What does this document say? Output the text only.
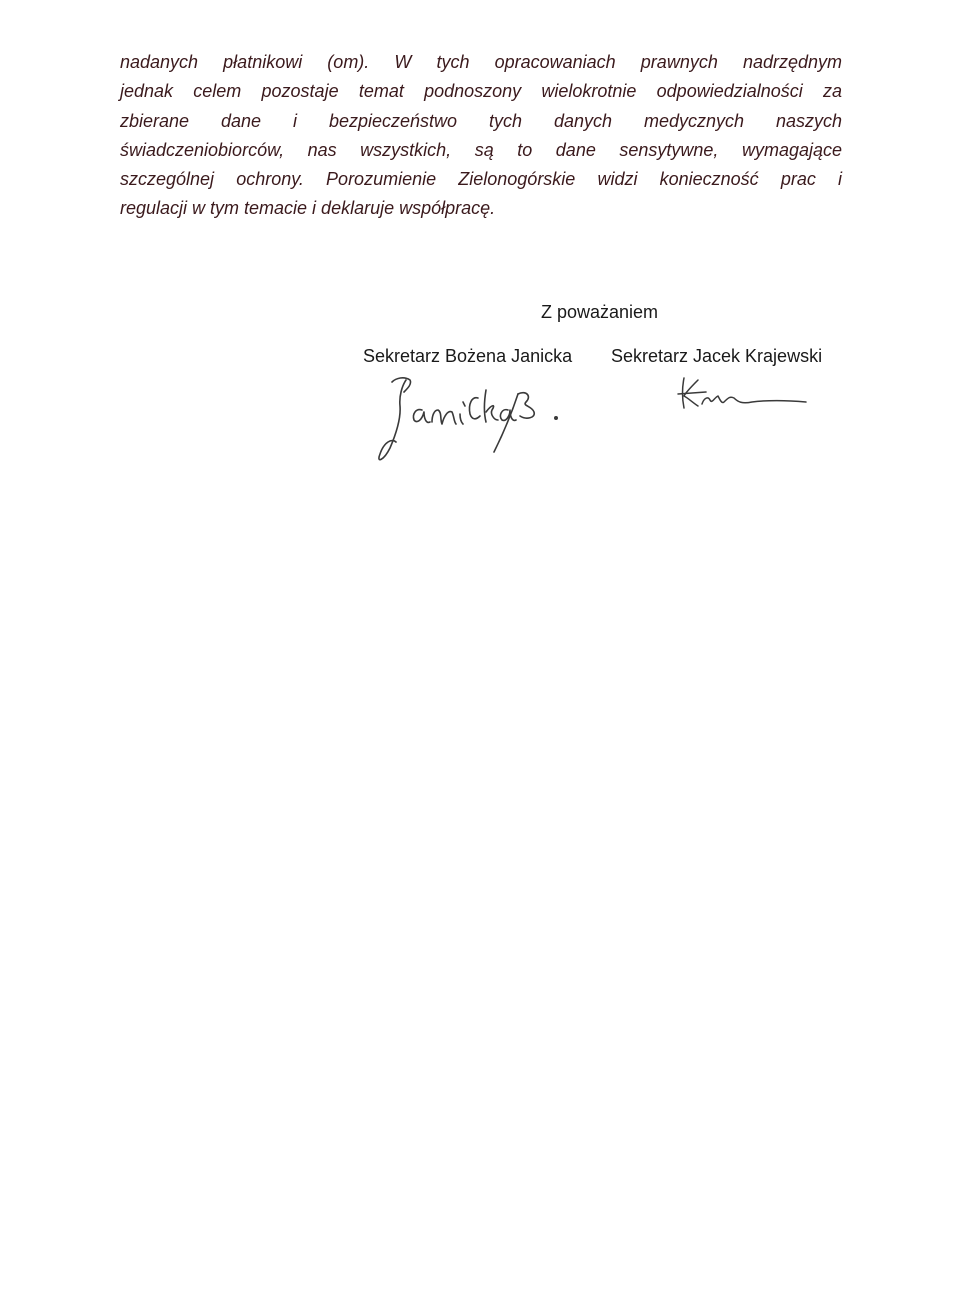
nadanych płatnikowi (om). W tych opracowaniach prawnych nadrzędnym
jednak celem pozostaje temat podnoszony wielokrotnie odpowiedzialności za
zbierane dane i bezpieczeństwo tych danych medycznych naszych
świadczeniobiorców, nas wszystkich, są to dane sensytywne, wymagające
szczególnej ochrony. Porozumienie Zielonogórskie widzi konieczność prac i
regulacji w tym temacie i deklaruje współpracę.

Z poważaniem
Sekretarz Bożena Janicka Sekretarz Jacek Krajewski
